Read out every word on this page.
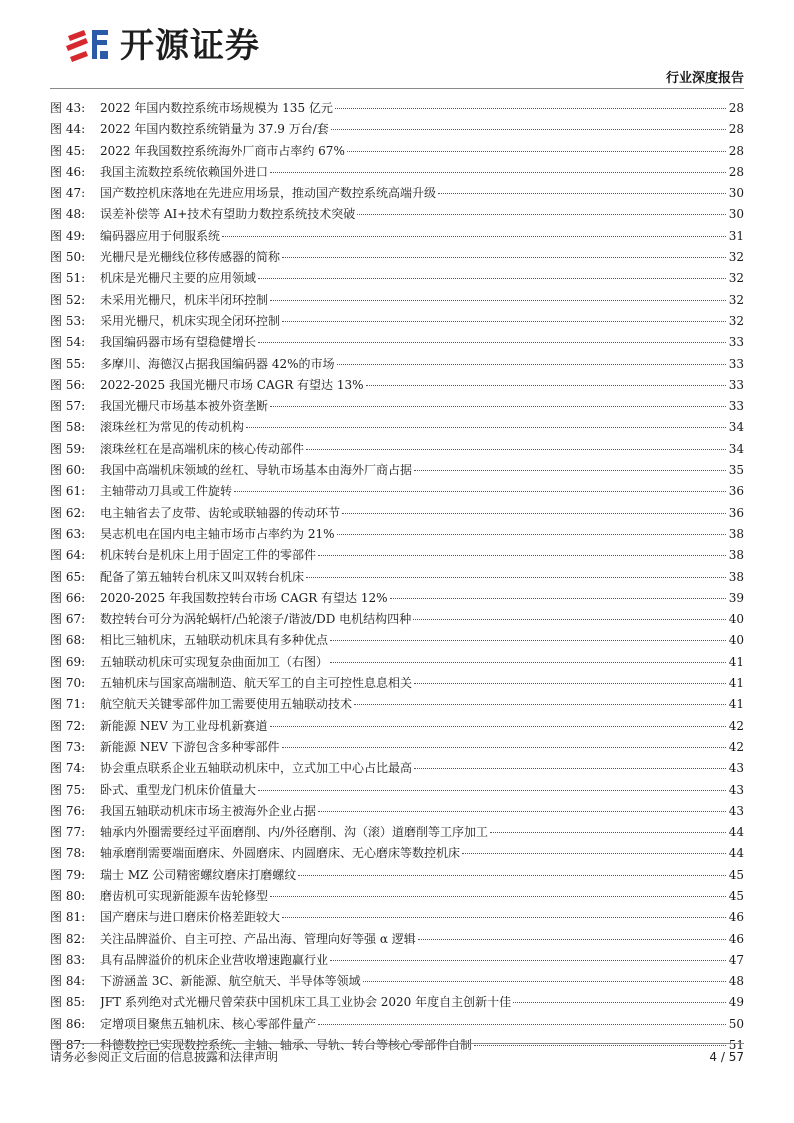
开源证券
行业深度报告
图 43:	2022 年国内数控系统市场规模为 135 亿元	28
图 44:	2022 年国内数控系统销量为 37.9 万台/套	28
图 45:	2022 年我国数控系统海外厂商市占率约 67%	28
图 46:	我国主流数控系统依赖国外进口	28
图 47:	国产数控机床落地在先进应用场景，推动国产数控系统高端升级	30
图 48:	误差补偿等 AI+技术有望助力数控系统技术突破	30
图 49:	编码器应用于伺服系统	31
图 50:	光栅尺是光栅线位移传感器的简称	32
图 51:	机床是光栅尺主要的应用领域	32
图 52:	未采用光栅尺，机床半闭环控制	32
图 53:	采用光栅尺，机床实现全闭环控制	32
图 54:	我国编码器市场有望稳健增长	33
图 55:	多摩川、海德汉占据我国编码器 42%的市场	33
图 56:	2022-2025 我国光栅尺市场 CAGR 有望达 13%	33
图 57:	我国光栅尺市场基本被外资垄断	33
图 58:	滚珠丝杠为常见的传动机构	34
图 59:	滚珠丝杠在是高端机床的核心传动部件	34
图 60:	我国中高端机床领域的丝杠、导轨市场基本由海外厂商占据	35
图 61:	主轴带动刀具或工件旋转	36
图 62:	电主轴省去了皮带、齿轮或联轴器的传动环节	36
图 63:	昊志机电在国内电主轴市场市占率约为 21%	38
图 64:	机床转台是机床上用于固定工件的零部件	38
图 65:	配备了第五轴转台机床又叫双转台机床	38
图 66:	2020-2025 年我国数控转台市场 CAGR 有望达 12%	39
图 67:	数控转台可分为涡轮蜗杆/凸轮滚子/谐波/DD 电机结构四种	40
图 68:	相比三轴机床，五轴联动机床具有多种优点	40
图 69:	五轴联动机床可实现复杂曲面加工（右图）	41
图 70:	五轴机床与国家高端制造、航天军工的自主可控性息息相关	41
图 71:	航空航天关键零部件加工需要使用五轴联动技术	41
图 72:	新能源 NEV 为工业母机新赛道	42
图 73:	新能源 NEV 下游包含多种零部件	42
图 74:	协会重点联系企业五轴联动机床中，立式加工中心占比最高	43
图 75:	卧式、重型龙门机床价值量大	43
图 76:	我国五轴联动机床市场主被海外企业占据	43
图 77:	轴承内外圈需要经过平面磨削、内/外径磨削、沟（滚）道磨削等工序加工	44
图 78:	轴承磨削需要端面磨床、外圆磨床、内圆磨床、无心磨床等数控机床	44
图 79:	瑞士 MZ 公司精密螺纹磨床打磨螺纹	45
图 80:	磨齿机可实现新能源车齿轮修型	45
图 81:	国产磨床与进口磨床价格差距较大	46
图 82:	关注品牌溢价、自主可控、产品出海、管理向好等强 α 逻辑	46
图 83:	具有品牌溢价的机床企业营收增速跑赢行业	47
图 84:	下游涵盖 3C、新能源、航空航天、半导体等领域	48
图 85:	JFT 系列绝对式光栅尺曾荣获中国机床工具工业协会 2020 年度自主创新十佳	49
图 86:	定增项目聚焦五轴机床、核心零部件量产	50
图 87:	科德数控已实现数控系统、主轴、轴承、导轨、转台等核心零部件自制	51
请务必参阅正文后面的信息披露和法律声明	4 / 57
